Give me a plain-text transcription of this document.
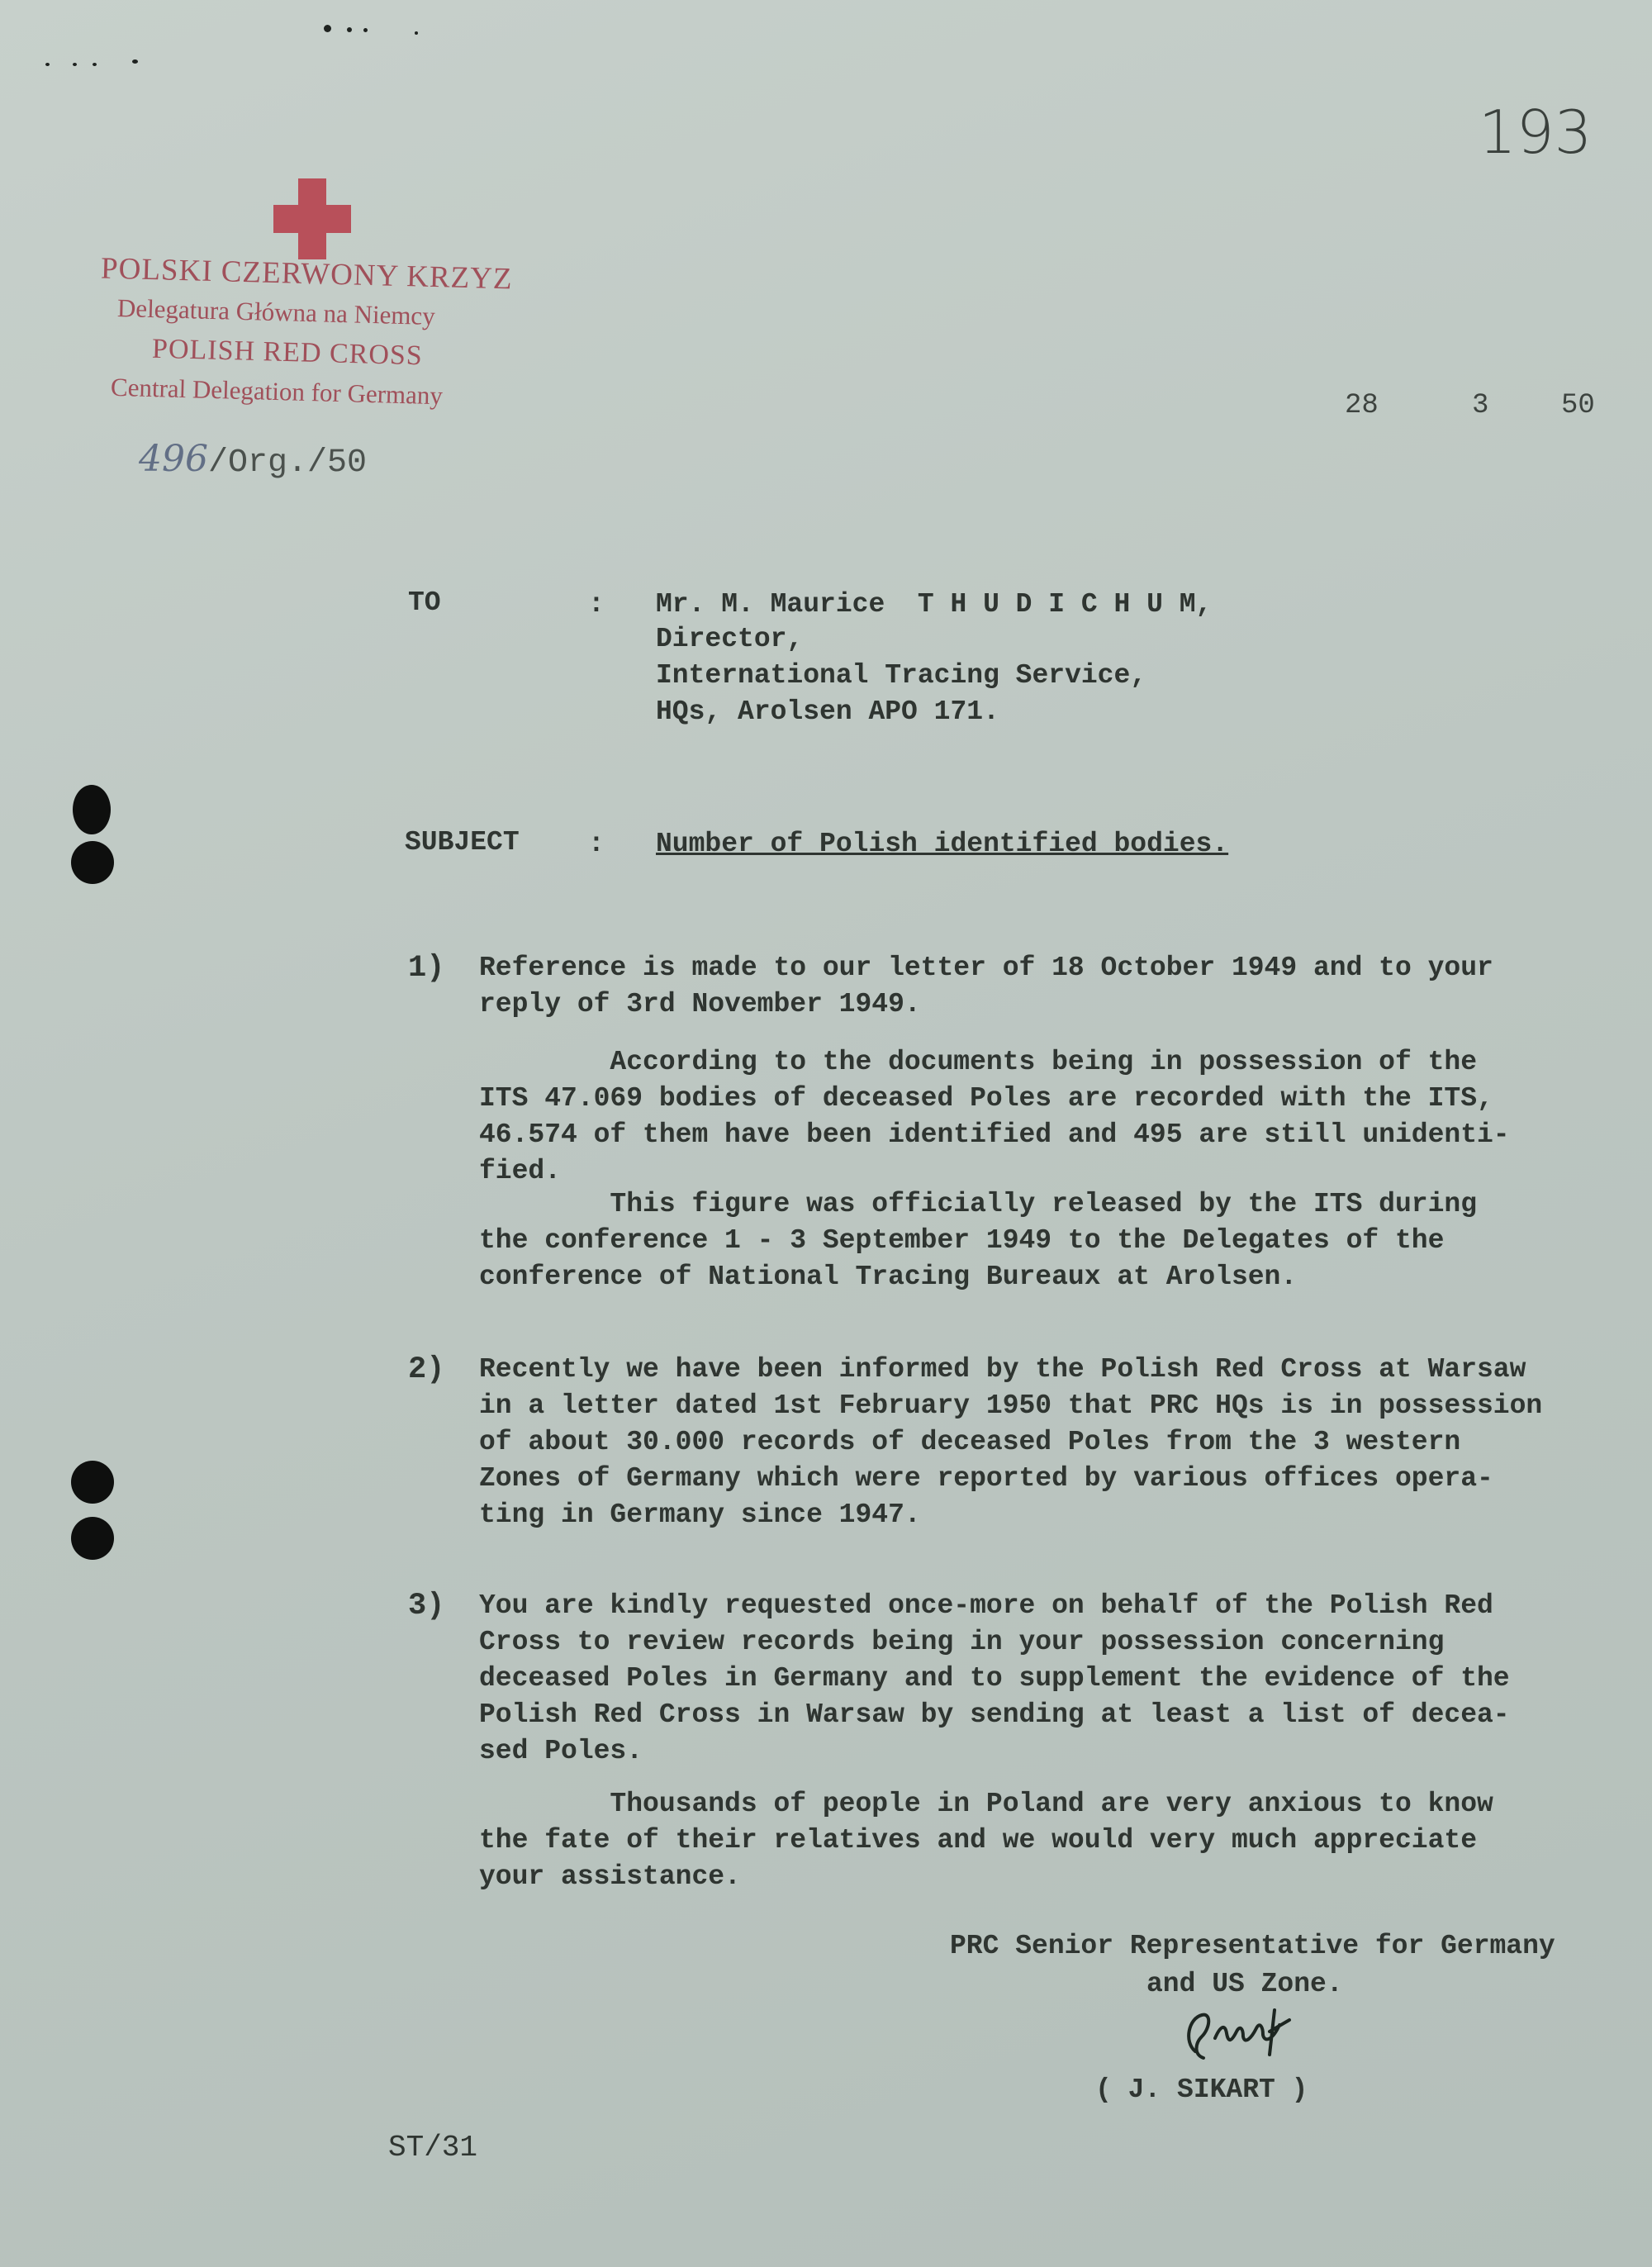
193
POLSKI CZERWONY KRZYZ
Delegatura Główna na Niemcy
POLISH RED CROSS
Central Delegation for Germany
496/Org./50
28	3	50
TO	: Mr. M. Maurice  T H U D I C H U M,
Director,
International Tracing Service,
HQs, Arolsen APO 171.
SUBJECT	: Number of Polish identified bodies.
1) Reference is made to our letter of 18 October 1949 and to your
reply of 3rd November 1949.
According to the documents being in possession of the
ITS 47.069 bodies of deceased Poles are recorded with the ITS,
46.574 of them have been identified and 495 are still unidenti-
fied.
This figure was officially released by the ITS during
the conference 1 - 3 September 1949 to the Delegates of the
conference of National Tracing Bureaux at Arolsen.
2) Recently we have been informed by the Polish Red Cross at Warsaw
in a letter dated 1st February 1950 that PRC HQs is in possession
of about 30.000 records of deceased Poles from the 3 western
Zones of Germany which were reported by various offices opera-
ting in Germany since 1947.
3) You are kindly requested once-more on behalf of the Polish Red
Cross to review records being in your possession concerning
deceased Poles in Germany and to supplement the evidence of the
Polish Red Cross in Warsaw by sending at least a list of decea-
sed Poles.
Thousands of people in Poland are very anxious to know
the fate of their relatives and we would very much appreciate
your assistance.
PRC Senior Representative for Germany
and US Zone.
( J. SIKART )
ST/31
